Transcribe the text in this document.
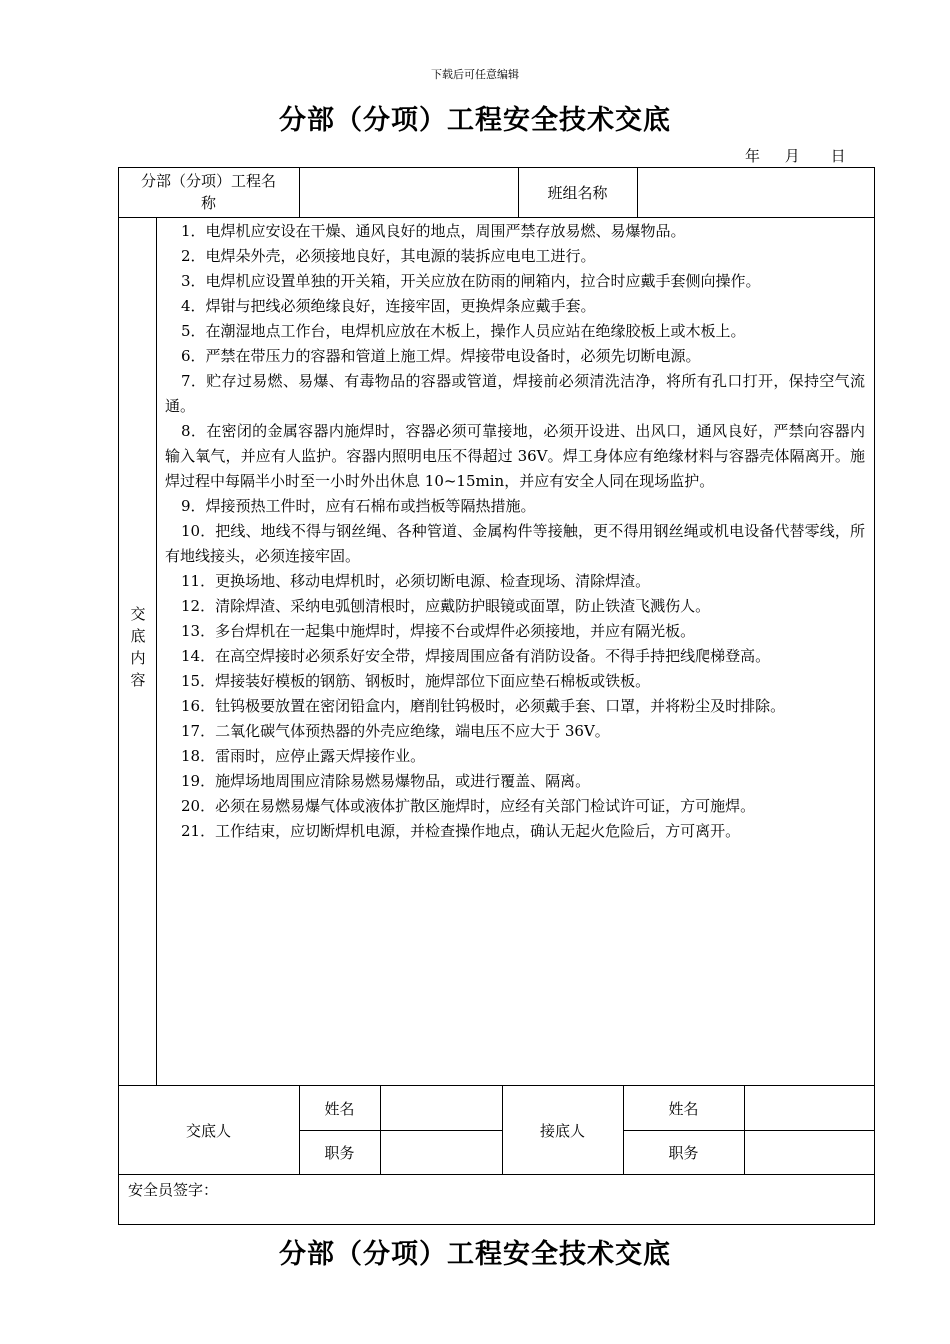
下载后可任意编辑
分部（分项）工程安全技术交底
年 月 日
分部（分项）工程名
称
班组名称
交
底
内
容

1．电焊机应安设在干燥、通风良好的地点，周围严禁存放易燃、易爆物品。

2．电焊朵外壳，必须接地良好，其电源的装拆应电电工进行。

3．电焊机应设置单独的开关箱，开关应放在防雨的闸箱内，拉合时应戴手套侧向操作。

4．焊钳与把线必须绝缘良好，连接牢固，更换焊条应戴手套。

5．在潮湿地点工作台，电焊机应放在木板上，操作人员应站在绝缘胶板上或木板上。

6．严禁在带压力的容器和管道上施工焊。焊接带电设备时，必须先切断电源。

7．贮存过易燃、易爆、有毒物品的容器或管道，焊接前必须清洗洁净，将所有孔口打开，保持空气流通。

8．在密闭的金属容器内施焊时，容器必须可靠接地，必须开设进、出风口，通风良好，严禁向容器内输入氧气，并应有人监护。容器内照明电压不得超过 36V。焊工身体应有绝缘材料与容器壳体隔离开。施焊过程中每隔半小时至一小时外出休息 10~15min，并应有安全人同在现场监护。

9．焊接预热工件时，应有石棉布或挡板等隔热措施。

10．把线、地线不得与钢丝绳、各种管道、金属构件等接触，更不得用钢丝绳或机电设备代替零线，所有地线接头，必须连接牢固。

11．更换场地、移动电焊机时，必须切断电源、检查现场、清除焊渣。

12．清除焊渣、采纳电弧刨清根时，应戴防护眼镜或面罩，防止铁渣飞溅伤人。

13．多台焊机在一起集中施焊时，焊接不台或焊件必须接地，并应有隔光板。

14．在高空焊接时必须系好安全带，焊接周围应备有消防设备。不得手持把线爬梯登高。

15．焊接装好模板的钢筋、钢板时，施焊部位下面应垫石棉板或铁板。

16．钍钨极要放置在密闭铅盒内，磨削钍钨极时，必须戴手套、口罩，并将粉尘及时排除。

17．二氧化碳气体预热器的外壳应绝缘，端电压不应大于 36V。

18．雷雨时，应停止露天焊接作业。

19．施焊场地周围应清除易燃易爆物品，或进行覆盖、隔离。

20．必须在易燃易爆气体或液体扩散区施焊时，应经有关部门检试许可证，方可施焊。

21．工作结束，应切断焊机电源，并检查操作地点，确认无起火危险后，方可离开。

交底人
姓名
职务
接底人
姓名
职务
安全员签字：
分部（分项）工程安全技术交底
